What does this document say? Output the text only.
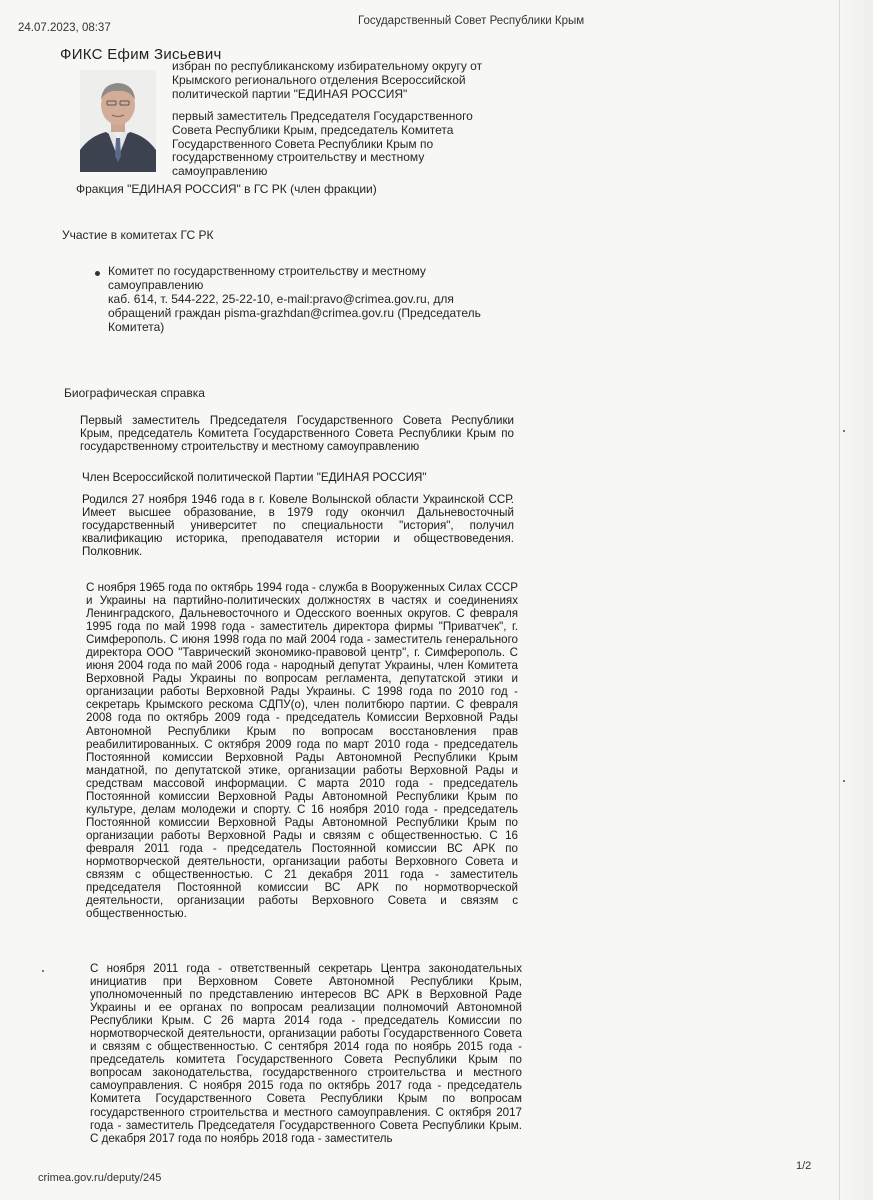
24.07.2023, 08:37
Государственный Совет Республики Крым
ФИКС Ефим Зисьевич
избран по республиканскому избирательному округу от Крымского регионального отделения Всероссийской политической партии "ЕДИНАЯ РОССИЯ"
первый заместитель Председателя Государственного Совета Республики Крым, председатель Комитета Государственного Совета Республики Крым по государственному строительству и местному самоуправлению
Фракция "ЕДИНАЯ РОССИЯ" в ГС РК (член фракции)
Участие в комитетах ГС РК
Комитет по государственному строительству и местному самоуправлению
каб. 614, т. 544-222, 25-22-10, e-mail:pravo@crimea.gov.ru, для обращений граждан pisma-grazhdan@crimea.gov.ru (Председатель Комитета)
Биографическая справка
Первый заместитель Председателя Государственного Совета Республики Крым, председатель Комитета Государственного Совета Республики Крым по государственному строительству и местному самоуправлению
Член Всероссийской политической Партии "ЕДИНАЯ РОССИЯ"
Родился 27 ноября 1946 года в г. Ковеле Волынской области Украинской ССР. Имеет высшее образование, в 1979 году окончил Дальневосточный государственный университет по специальности "история", получил квалификацию историка, преподавателя истории и обществоведения. Полковник.
С ноября 1965 года по октябрь 1994 года - служба в Вооруженных Силах СССР и Украины на партийно-политических должностях в частях и соединениях Ленинградского, Дальневосточного и Одесского военных округов. С февраля 1995 года по май 1998 года - заместитель директора фирмы "Приватчек", г. Симферополь. С июня 1998 года по май 2004 года - заместитель генерального директора ООО "Таврический экономико-правовой центр", г. Симферополь. С июня 2004 года по май 2006 года - народный депутат Украины, член Комитета Верховной Рады Украины по вопросам регламента, депутатской этики и организации работы Верховной Рады Украины. С 1998 года по 2010 год - секретарь Крымского рескома СДПУ(о), член политбюро партии. С февраля 2008 года по октябрь 2009 года - председатель Комиссии Верховной Рады Автономной Республики Крым по вопросам восстановления прав реабилитированных. С октября 2009 года по март 2010 года - председатель Постоянной комиссии Верховной Рады Автономной Республики Крым мандатной, по депутатской этике, организации работы Верховной Рады и средствам массовой информации. С марта 2010 года - председатель Постоянной комиссии Верховной Рады Автономной Республики Крым по культуре, делам молодежи и спорту. С 16 ноября 2010 года - председатель Постоянной комиссии Верховной Рады Автономной Республики Крым по организации работы Верховной Рады и связям с общественностью. С 16 февраля 2011 года - председатель Постоянной комиссии ВС АРК по нормотворческой деятельности, организации работы Верховного Совета и связям с общественностью. С 21 декабря 2011 года - заместитель председателя Постоянной комиссии ВС АРК по нормотворческой деятельности, организации работы Верховного Совета и связям с общественностью.
С ноября 2011 года - ответственный секретарь Центра законодательных инициатив при Верховном Совете Автономной Республики Крым, уполномоченный по представлению интересов ВС АРК в Верховной Раде Украины и ее органах по вопросам реализации полномочий Автономной Республики Крым. С 26 марта 2014 года - председатель Комиссии по нормотворческой деятельности, организации работы Государственного Совета и связям с общественностью. С сентября 2014 года по ноябрь 2015 года - председатель комитета Государственного Совета Республики Крым по вопросам законодательства, государственного строительства и местного самоуправления. С ноября 2015 года по октябрь 2017 года - председатель Комитета Государственного Совета Республики Крым по вопросам государственного строительства и местного самоуправления. С октября 2017 года - заместитель Председателя Государственного Совета Республики Крым. С декабря 2017 года по ноябрь 2018 года - заместитель
crimea.gov.ru/deputy/245
1/2
